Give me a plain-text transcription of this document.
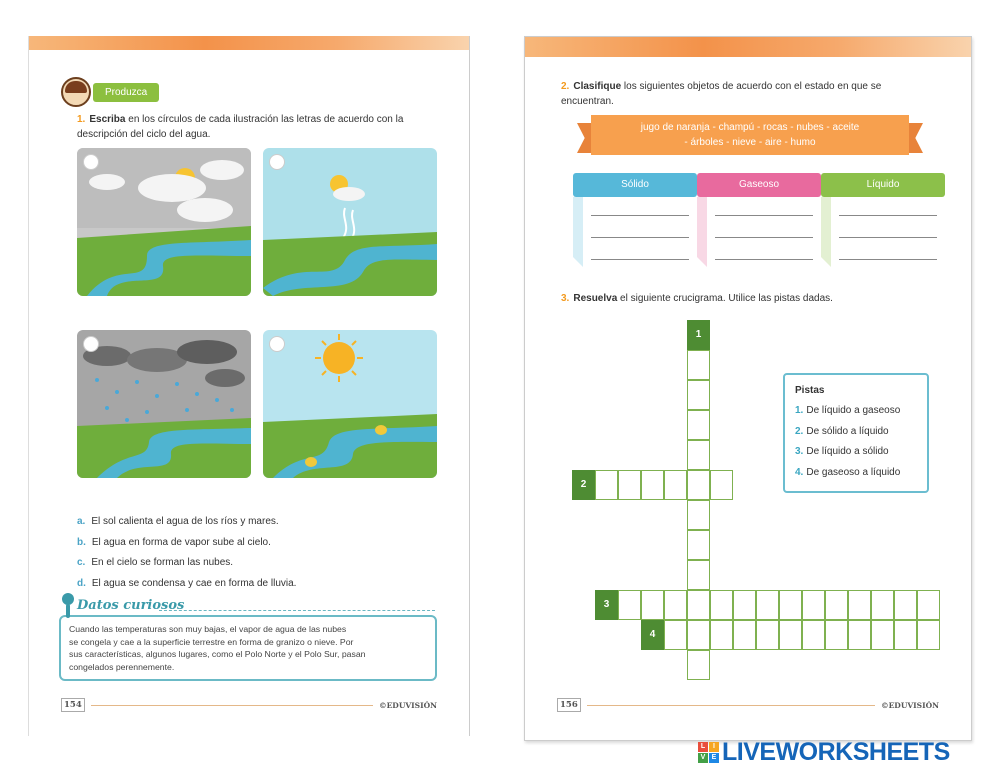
Produzca
1. Escriba en los círculos de cada ilustración las letras de acuerdo con la
descripción del ciclo del agua.
a. El sol calienta el agua de los ríos y mares.
b. El agua en forma de vapor sube al cielo.
c. En el cielo se forman las nubes.
d. El agua se condensa y cae en forma de lluvia.
Datos curiosos
Cuando las temperaturas son muy bajas, el vapor de agua de las nubes
se congela y cae a la superficie terrestre en forma de granizo o nieve. Por
sus características, algunos lugares, como el Polo Norte y el Polo Sur, pasan
congelados perennemente.
154	©EDUVISIÓN
2. Clasifique los siguientes objetos de acuerdo con el estado en que se
encuentran.
jugo de naranja - champú - rocas - nubes - aceite
- árboles - nieve - aire - humo
Sólido	Gaseoso	Líquido
3. Resuelva el siguiente crucigrama. Utilice las pistas dadas.
1
2
3
4
Pistas
1. De líquido a gaseoso
2. De sólido a líquido
3. De líquido a sólido
4. De gaseoso a líquido
156	©EDUVISIÓN
L	I
V E LIVEWORKSHEETS
